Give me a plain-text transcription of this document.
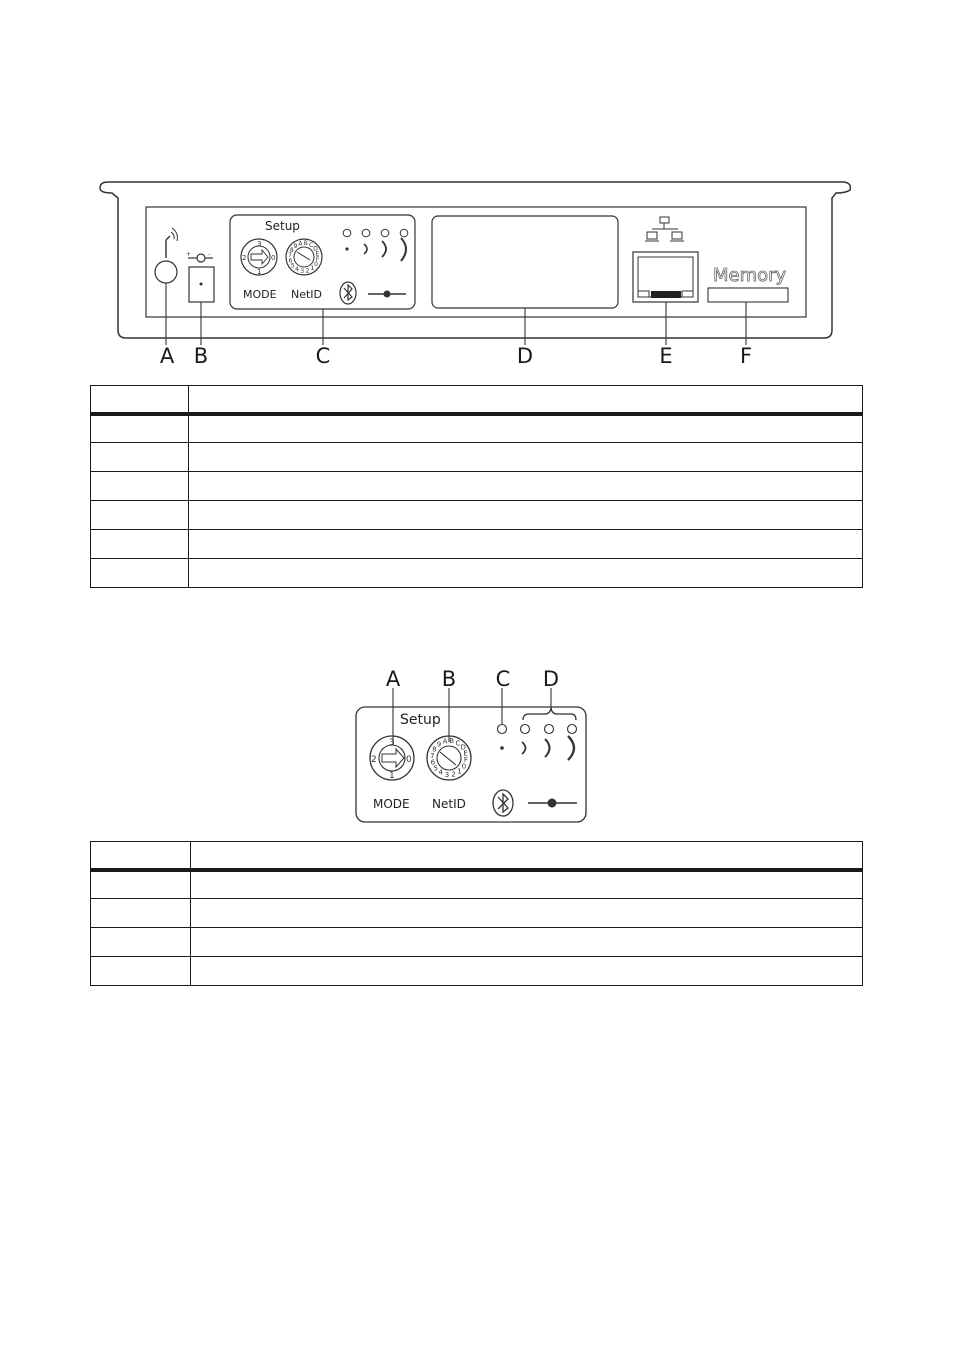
+	-
Setup
3
2	0
1
89ABCD E F 0 1234567
MODE NetID
Memory
A B	C	D	E	F

Setup
3
2	0
1
89A BCD E F 0 1234567
MODE NetID
A B C D
